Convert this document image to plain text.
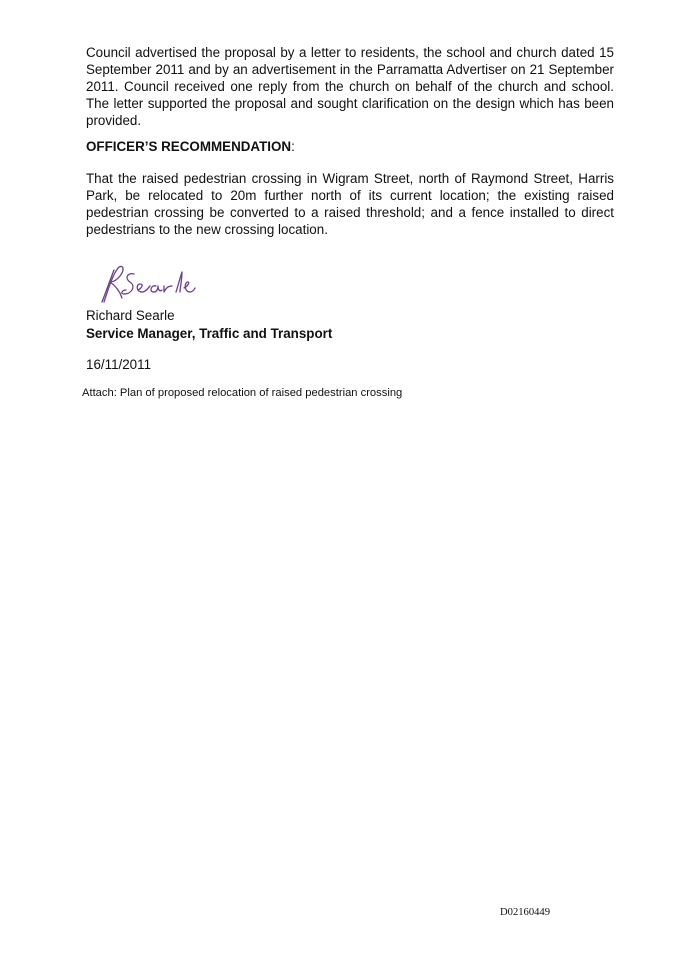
Council advertised the proposal by a letter to residents, the school and church dated 15 September 2011 and by an advertisement in the Parramatta Advertiser on 21 September 2011. Council received one reply from the church on behalf of the church and school. The letter supported the proposal and sought clarification on the design which has been provided.
OFFICER’S RECOMMENDATION:
That the raised pedestrian crossing in Wigram Street, north of Raymond Street, Harris Park, be relocated to 20m further north of its current location; the existing raised pedestrian crossing be converted to a raised threshold; and a fence installed to direct pedestrians to the new crossing location.
Richard Searle
Service Manager, Traffic and Transport
16/11/2011
Attach: Plan of proposed relocation of raised pedestrian crossing
D02160449
